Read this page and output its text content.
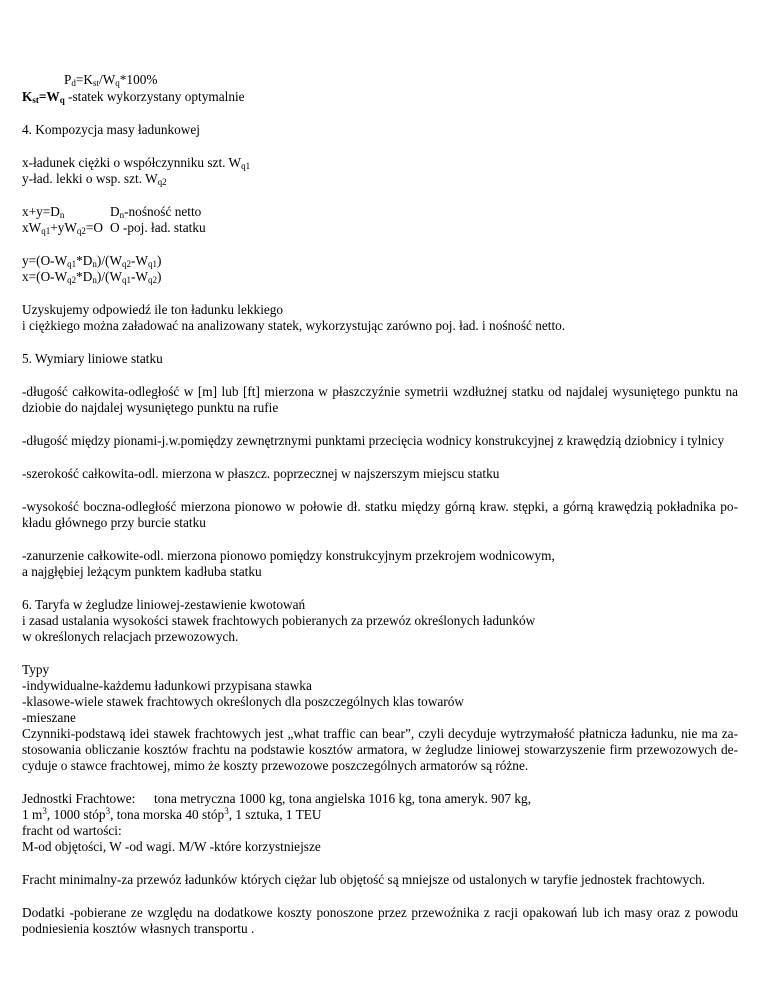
$P_d=K_{st}/W_q*100\%$
$K_{st}=W_q$ -statek wykorzystany optymalnie
4. Kompozycja masy ładunkowej
x-ładunek ciężki o współczynniku szt. $W_{q1}$
y-ład. lekki o wsp. szt. $W_{q2}$
$x+y=D_n$	$D_n$-nośność netto
$xW_{q1}+yW_{q2}=O$ O -poj. ład. statku
$y=(O-W_{q1}*D_n)/(W_{q2}-W_{q1})$
$x=(O-W_{q2}*D_n)/(W_{q1}-W_{q2})$
Uzyskujemy odpowiedź ile ton ładunku lekkiego
i ciężkiego można załadować na analizowany statek, wykorzystując zarówno poj. ład. i nośność netto.
5. Wymiary liniowe statku
-długość całkowita-odległość w [m] lub [ft] mierzona w płaszczyźnie symetrii wzdłużnej statku od najdalej wysuniętego punktu na
dziobie do najdalej wysuniętego punktu na rufie
-długość między pionami-j.w.pomiędzy zewnętrznymi punktami przecięcia wodnicy konstrukcyjnej z krawędzią dziobnicy i tylnicy
-szerokość całkowita-odl. mierzona w płaszcz. poprzecznej w najszerszym miejscu statku
-wysokość boczna-odległość mierzona pionowo w połowie dł. statku między górną kraw. stępki, a górną krawędzią pokładnika po-
kładu głównego przy burcie statku
-zanurzenie całkowite-odl. mierzona pionowo pomiędzy konstrukcyjnym przekrojem wodnicowym,
a najgłębiej leżącym punktem kadłuba statku
6. Taryfa w żegludze liniowej-zestawienie kwotowań
i zasad ustalania wysokości stawek frachtowych pobieranych za przewóz określonych ładunków
w określonych relacjach przewozowych.
Typy
-indywidualne-każdemu ładunkowi przypisana stawka
-klasowe-wiele stawek frachtowych określonych dla poszczególnych klas towarów
-mieszane
Czynniki-podstawą idei stawek frachtowych jest „what traffic can bear”, czyli decyduje wytrzymałość płatnicza ładunku, nie ma za-
stosowania obliczanie kosztów frachtu na podstawie kosztów armatora, w żegludze liniowej stowarzyszenie firm przewozowych de-
cyduje o stawce frachtowej, mimo że koszty przewozowe poszczególnych armatorów są różne.
Jednostki Frachtowe: tona metryczna 1000 kg, tona angielska 1016 kg, tona ameryk. 907 kg,
1 $m^3$, 1000 stóp$^3$, tona morska 40 stóp$^3$, 1 sztuka, 1 TEU
fracht od wartości:
M-od objętości, W -od wagi. M/W -które korzystniejsze
Fracht minimalny-za przewóz ładunków których ciężar lub objętość są mniejsze od ustalonych w taryfie jednostek frachtowych.
Dodatki -pobierane ze względu na dodatkowe koszty ponoszone przez przewoźnika z racji opakowań lub ich masy oraz z powodu
podniesienia kosztów własnych transportu .
